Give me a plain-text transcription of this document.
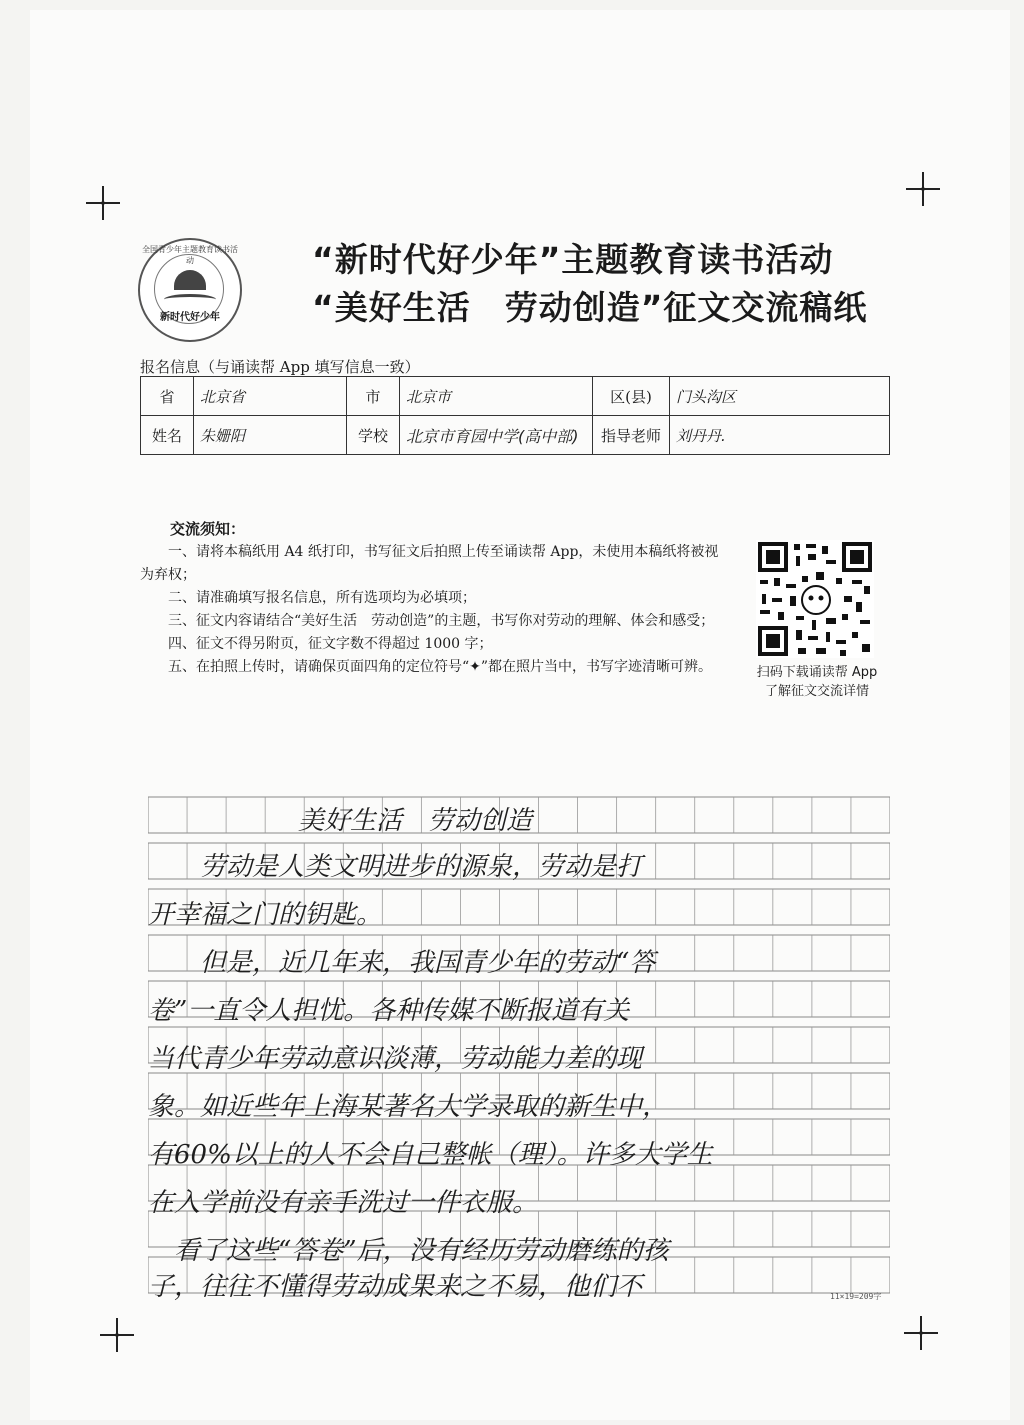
全国青少年主题教育读书活动
新时代好少年
“新时代好少年”主题教育读书活动
“美好生活　劳动创造”征文交流稿纸
报名信息（与诵读帮 App 填写信息一致）
省	北京省	市	北京市	区(县)	门头沟区
姓名	朱姗阳	学校	北京市育园中学(高中部)	指导老师	刘丹丹.
交流须知：

一、请将本稿纸用 A4 纸打印，书写征文后拍照上传至诵读帮 App，未使用本稿纸将被视为弃权；

二、请准确填写报名信息，所有选项均为必填项；

三、征文内容请结合“美好生活　劳动创造”的主题，书写你对劳动的理解、体会和感受；

四、征文不得另附页，征文字数不得超过 1000 字；

五、在拍照上传时，请确保页面四角的定位符号“✦”都在照片当中，书写字迹清晰可辨。	扫码下载诵读帮 App
了解征文交流详情
美好生活　劳动创造
　　劳动是人类文明进步的源泉，劳动是打
开幸福之门的钥匙。
　　但是，近几年来，我国青少年的劳动“答
卷”一直令人担忧。各种传媒不断报道有关
当代青少年劳动意识淡薄，劳动能力差的现
象。如近些年上海某著名大学录取的新生中，
有60%以上的人不会自己整帐（理）。许多大学生
在入学前没有亲手洗过一件衣服。
　看了这些“答卷”后，没有经历劳动磨练的孩
子，往往不懂得劳动成果来之不易，他们不	11×19=209字
